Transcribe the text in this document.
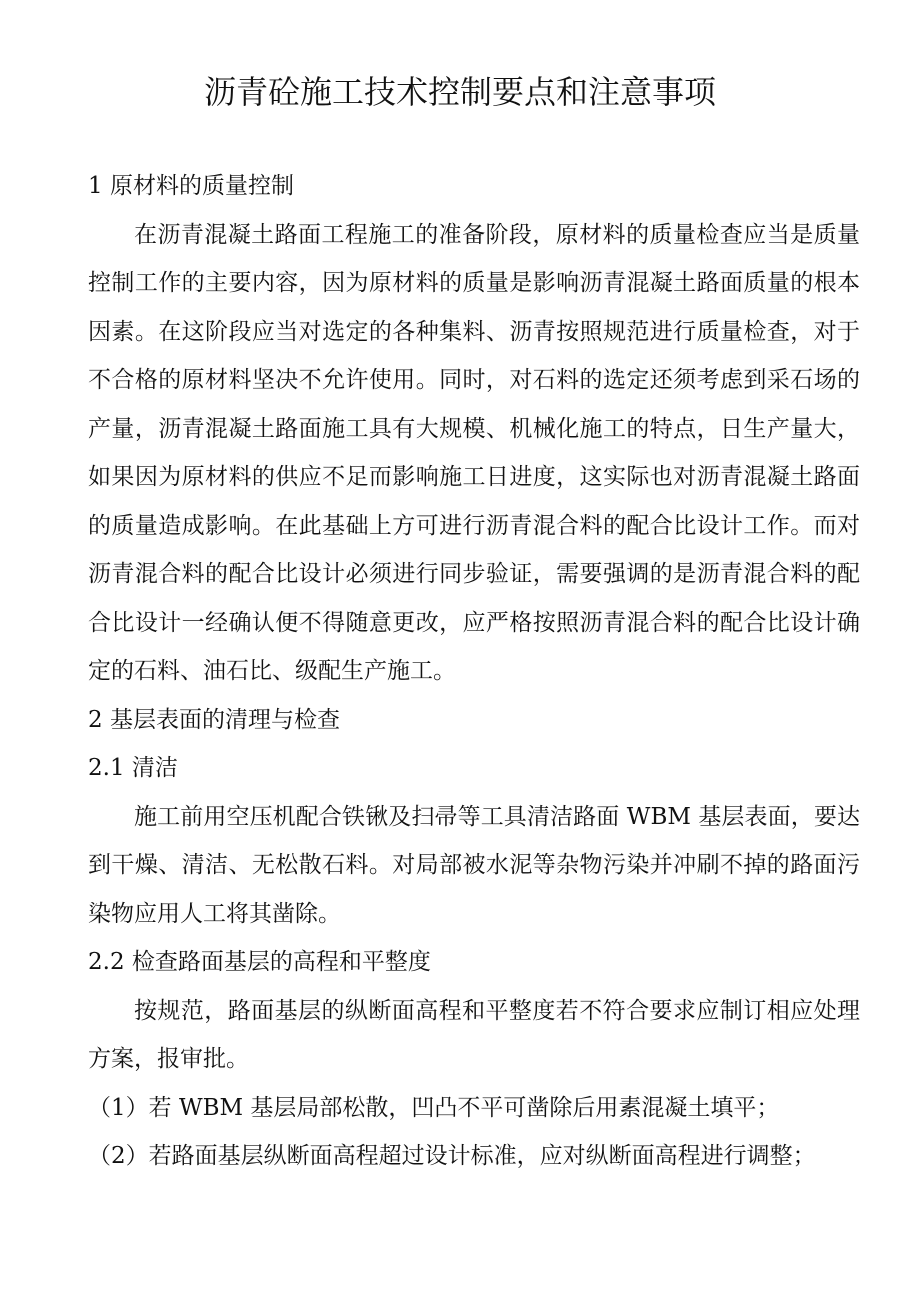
沥青砼施工技术控制要点和注意事项

1 原材料的质量控制

在沥青混凝土路面工程施工的准备阶段，原材料的质量检查应当是质量控制工作的主要内容，因为原材料的质量是影响沥青混凝土路面质量的根本因素。在这阶段应当对选定的各种集料、沥青按照规范进行质量检查，对于不合格的原材料坚决不允许使用。同时，对石料的选定还须考虑到采石场的产量，沥青混凝土路面施工具有大规模、机械化施工的特点，日生产量大，如果因为原材料的供应不足而影响施工日进度，这实际也对沥青混凝土路面的质量造成影响。在此基础上方可进行沥青混合料的配合比设计工作。而对沥青混合料的配合比设计必须进行同步验证，需要强调的是沥青混合料的配合比设计一经确认便不得随意更改，应严格按照沥青混合料的配合比设计确定的石料、油石比、级配生产施工。

2 基层表面的清理与检查

2.1 清洁

施工前用空压机配合铁锹及扫帚等工具清洁路面 WBM 基层表面，要达到干燥、清洁、无松散石料。对局部被水泥等杂物污染并冲刷不掉的路面污染物应用人工将其凿除。

2.2 检查路面基层的高程和平整度

按规范，路面基层的纵断面高程和平整度若不符合要求应制订相应处理方案，报审批。

（1）若 WBM 基层局部松散，凹凸不平可凿除后用素混凝土填平；

（2）若路面基层纵断面高程超过设计标准，应对纵断面高程进行调整；
